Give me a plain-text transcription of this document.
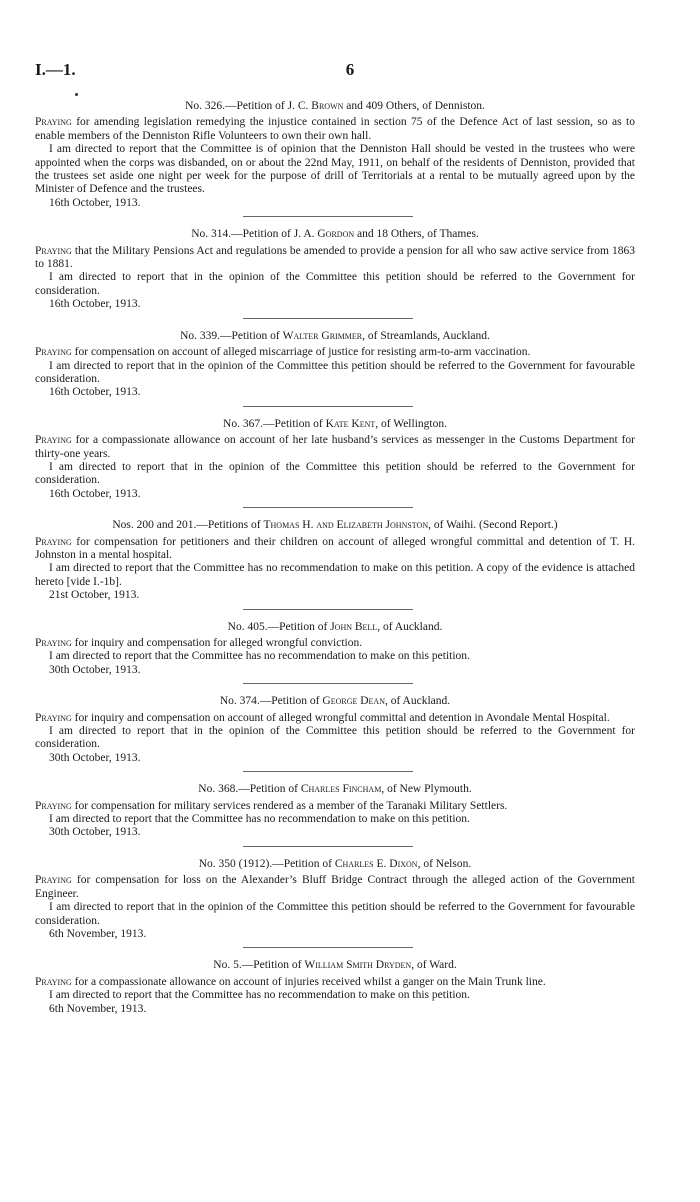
6
I.—1.

No. 326.—Petition of J. C. Brown and 409 Others, of Denniston.

Praying for amending legislation remedying the injustice contained in section 75 of the Defence Act of last session, so as to enable members of the Denniston Rifle Volunteers to own their own hall.

I am directed to report that the Committee is of opinion that the Denniston Hall should be vested in the trustees who were appointed when the corps was disbanded, on or about the 22nd May, 1911, on behalf of the residents of Denniston, provided that the trustees set aside one night per week for the purpose of drill of Territorials at a rental to be mutually agreed upon by the Minister of Defence and the trustees.

16th October, 1913.

No. 314.—Petition of J. A. Gordon and 18 Others, of Thames.

Praying that the Military Pensions Act and regulations be amended to provide a pension for all who saw active service from 1863 to 1881.

I am directed to report that in the opinion of the Committee this petition should be referred to the Government for consideration.

16th October, 1913.

No. 339.—Petition of Walter Grimmer, of Streamlands, Auckland.

Praying for compensation on account of alleged miscarriage of justice for resisting arm-to-arm vaccination.

I am directed to report that in the opinion of the Committee this petition should be referred to the Government for favourable consideration.

16th October, 1913.

No. 367.—Petition of Kate Kent, of Wellington.

Praying for a compassionate allowance on account of her late husband’s services as messenger in the Customs Department for thirty-one years.

I am directed to report that in the opinion of the Committee this petition should be referred to the Government for consideration.

16th October, 1913.

Nos. 200 and 201.—Petitions of Thomas H. and Elizabeth Johnston, of Waihi. (Second Report.)

Praying for compensation for petitioners and their children on account of alleged wrongful committal and detention of T. H. Johnston in a mental hospital.

I am directed to report that the Committee has no recommendation to make on this petition. A copy of the evidence is attached hereto [vide I.-1b].

21st October, 1913.

No. 405.—Petition of John Bell, of Auckland.

Praying for inquiry and compensation for alleged wrongful conviction.

I am directed to report that the Committee has no recommendation to make on this petition.

30th October, 1913.

No. 374.—Petition of George Dean, of Auckland.

Praying for inquiry and compensation on account of alleged wrongful committal and detention in Avondale Mental Hospital.

I am directed to report that in the opinion of the Committee this petition should be referred to the Government for consideration.

30th October, 1913.

No. 368.—Petition of Charles Fincham, of New Plymouth.

Praying for compensation for military services rendered as a member of the Taranaki Military Settlers.

I am directed to report that the Committee has no recommendation to make on this petition.

30th October, 1913.

No. 350 (1912).—Petition of Charles E. Dixon, of Nelson.

Praying for compensation for loss on the Alexander’s Bluff Bridge Contract through the alleged action of the Government Engineer.

I am directed to report that in the opinion of the Committee this petition should be referred to the Government for favourable consideration.

6th November, 1913.

No. 5.—Petition of William Smith Dryden, of Ward.

Praying for a compassionate allowance on account of injuries received whilst a ganger on the Main Trunk line.

I am directed to report that the Committee has no recommendation to make on this petition.

6th November, 1913.
